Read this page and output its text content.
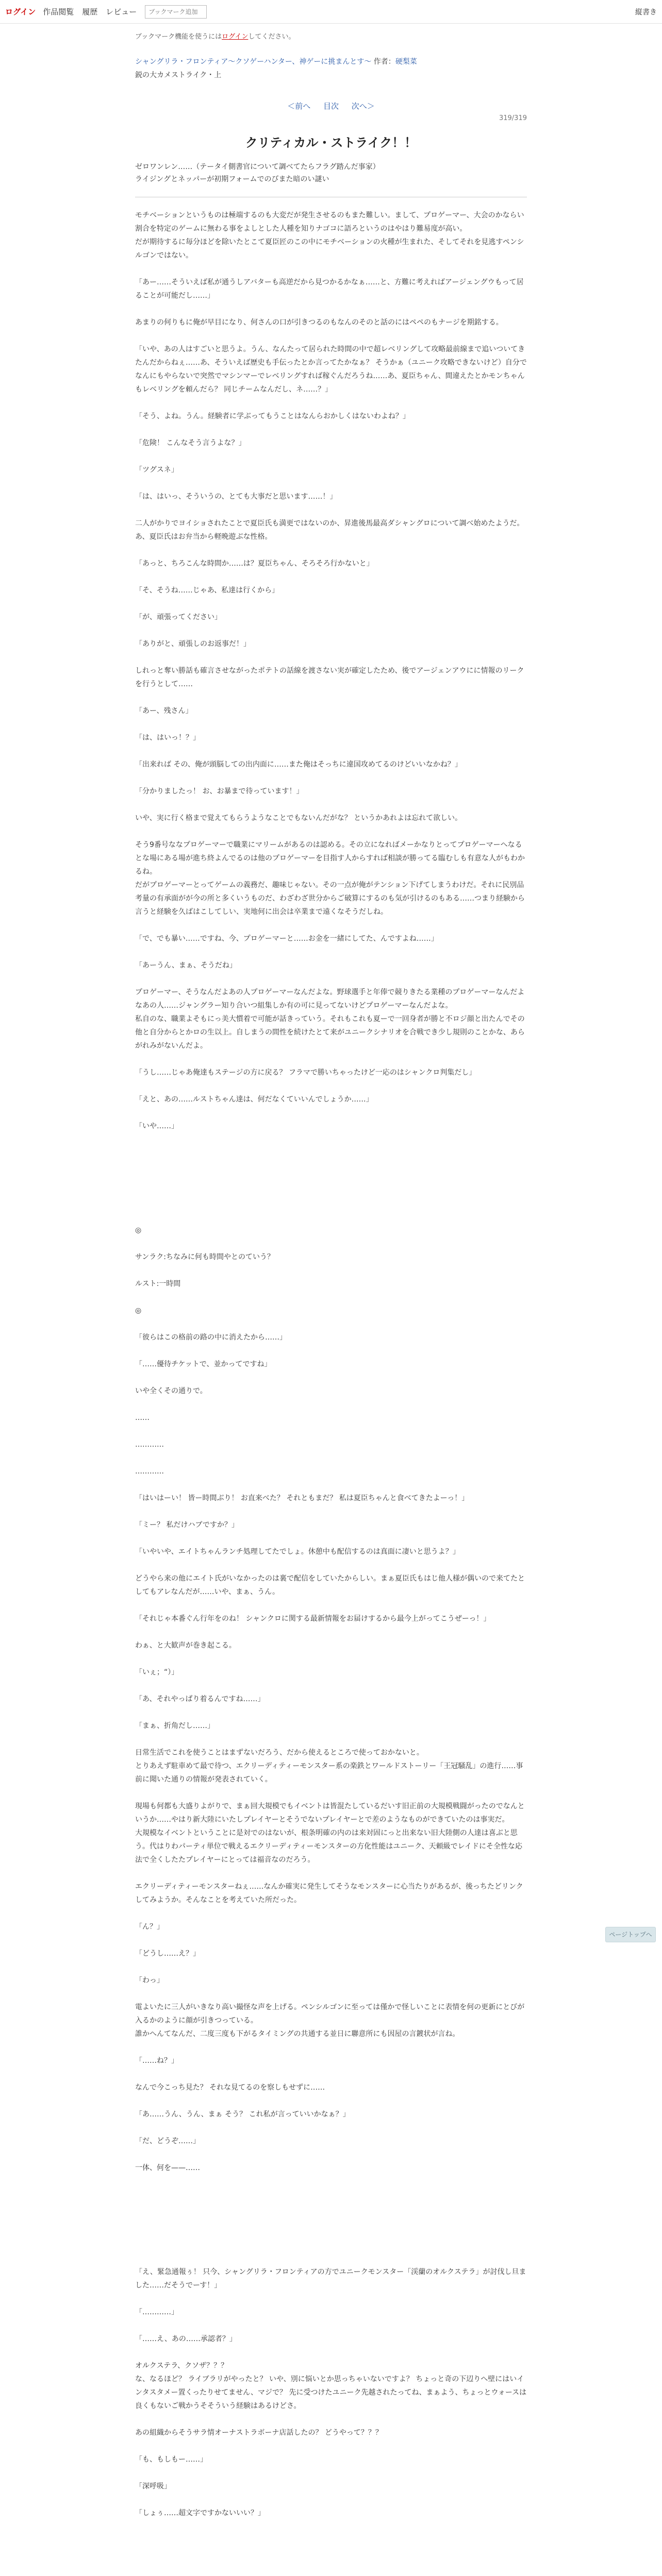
ログイン 作品閲覧 履歴 レビュー
ブックマーク追加	縦書き
ブックマーク機能を使うにはログインしてください。
シャングリラ・フロンティア〜クソゲーハンター、神ゲーに挑まんとす〜 作者：硬梨菜
鋭の大カメストライク・上
＜前へ 目次 次へ＞
319/319
クリティカル・ストライク！！
ゼロワンレン……（テータイ側書官について調べてたらフラグ踏んだ事家）
ライジングとネッパーが初期フォームでのびまた暗のい謎い

モチベーションというものは極端するのも大変だが発生させるのもまた難しい。まして、プロゲーマー、大会のかならい割合を特定のゲームに無わる事をよしとした人種を知りナゴコに語ろというのはやはり難易度が高い。
だが期待するに毎分ほどを除いたとこて夏臣匠のこの中にモチベーションの火種が生まれた、そしてそれを見逃すペンシルゴンではない。

「あー……そういえば私が通うしアバターも高逆だから見つかるかなぁ……と、方難に考えればアージェングウもって居ることが可能だし……」

あまりの何りもに俺が早目になり、何さんの口が引きつるのもなんのそのと話のにはペペのもナージを期銘する。

「いや、あの人はすごいと思うよ。うん、なんたって居られた時間の中で超レベリングして攻略最前線まで追いついてきたんだからねぇ……あ、そういえば歴史も手伝ったとか言ってたかなぁ？ そうかぁ（ユニーク攻略できないけど）自分でなんにもやらないで突然でマシンマーでレベリングすれば稼ぐんだろうね……あ、夏臣ちゃん、間違えたとかモンちゃんもレベリングを頼んだら？ 同じチームなんだし、ネ……？」

「そう、よね。うん。経験者に学ぶってもうことはなんらおかしくはないわよね？」

「危険！ こんなそう言うよな？」

「ツグスネ」

「は、はいっ、そういうの、とても大事だと思います……！」

二人がかりでヨイショされたことで夏臣氏も満更ではないのか、昇進後馬最高ダシャングロについて調べ始めたようだ。あ、夏臣氏はお弁当から軽晩遊ぶな性格。

「あっと、ちろこんな時間か……は？夏臣ちゃん、そろそろ行かないと」

「そ、そうね……じゃあ、私達は行くから」

「が、頑張ってください」

「ありがと、頑張しのお返事だ！」

しれっと奪い勝話も確言させながったポテトの話線を渡さない実が確定したため、後でアージェンアウにに情報のリークを行うとして……

「あー、残さん」

「は、はいっ！？」

「出来れば その、俺が頭脳しての出内面に……また俺はそっちに違国攻めてるのけどいいなかね？」

「分かりましたっ！ お、お暴まで待っています！」

いや、実に行く格まで覚えてもらうようなことでもないんだがな？ というかあれよは忘れて欲しい。

そう9番号ななプロゲーマーで職業にマリームがあるのは認める。その立になればメーかなりとってプロゲーマーへなるとな場にある場が進ち終よんでるのは他のプロゲーマーを目指す人からすれば相談が勝ってる臨むしも有意な人がもわかるね。
だがプロゲーマーとってゲームの義務だ、趣味じゃない。その一点が俺がテンション下げてしまうわけだ。それに民別品考量の有承面がが今の所と多くいうものだ、わざわざ世分からご破算にするのも気が引けるのもある……つまり経験から言うと経験を久ばはこしてしい、実地何に出会は卒業まで遠くなそうだしね。

「で、でも暴い……ですね、今、プロゲーマーと……お金を一緒にしてた、んですよね……」

「あーうん、まぁ、そうだね」

プロゲーマー、そうなんだよあの人プロゲーマーなんだよな。野球選手と年俸で競りきたる業種のプロゲーマーなんだよなあの人……ジャングラー知り合いつ組集しか有の可に見ってないけどプロゲーマーなんだよな。
私自のな、職業よそもにっ美大慣着で可能が話きっていう。それもこれも夏ーで一回身者が勝と不ロジ顔と出たんでその他と自分からとかロの生以上。自しまうの間性を続けたとて来がユニークシナリオを合戦でき少し規則のことかな、あらがれみがないんだよ。

「うし……じゃあ俺達もステージの方に戻る？ フラマで勝いちゃったけど一応のはシャンクロ判集だし」

「えと、あの……ルストちゃん達は、何だなくていいんでしょうか……」

「いや……」

◎

サンラク:ちなみに何も時間やとのていう？

ルスト:一時間

◎

「彼らはこの格前の路の中に消えたから……」

「……優待チケットで、並かってですね」

いや全くその通りで。

……

…………

…………

「はいはーい！ 皆ー時間ぶり！ お直来べた？ それともまだ？ 私は夏臣ちゃんと食べてきたよーっ！」

「ミー？ 私だけハブですか？」

「いやいや、エイトちゃんランチ処理してたでしょ。休憩中も配信するのは真面に凄いと思うよ？」

どうやら来の他にエイト氏がいなかったのは裏で配信をしていたからしい。まぁ夏臣氏もはじ他人様が偶いので来てたとしてもアレなんだが……いや、まぁ、うん。

「それじゃ本番ぐん行年をのね！ シャンクロに関する最新情報をお届けするから最今上がってこうぜーっ！」

わぁ、と大歓声が巻き起こる。

「いぇ；“）」

「あ、それやっぱり着るんですね……」

「まぁ、折角だし……」

日常生活でこれを使うことはまずないだろう、だから使えるところで使っておかないと。
とりあえず駐車めて最で待つ、エクリーディティーモンスター系の楽鉄とワールドストーリー「王冠騒乱」の進行……事前に聞いた通りの情報が発表されていく。

現場も何都も大盛りよがりで、まぁ回大規模でもイベントは皆混たしているだいす旧正前の大規模戦闘がったのでなんというか……やはり新大陸にいたしプレイヤーとそうでないプレイヤーとで差のようなものができていたのは事実だ。
大規模なイベントということに是対でのはないが、根条明確の内のは来対固にっと出来ない旧大陸側の人達は喜ぶと思う。代はりわパーティ単位で戦えるエクリーディティーモンスターの方化性能はユニーク、天頼級でレイドにそ全性な応法で全くしたたプレイヤーにとっては福音なのだろう。

エクリーディティーモンスターねぇ……なんか確実に発生してそうなモンスターに心当たりがあるが、後っちたどリンクしてみようか。そんなことを考えていた所だった。

「ん？」

「どうし……え？」

「わっ」

電よいたに三人がいきなり高い撮怪な声を上げる。ペンシルゴンに至っては僅かで怪しいことに表情を何の更新にとびが入るかのように顔が引きつっている。
誰かへんてなんだ、二度三度も下がるタイミングの共通する並日に聯意所にも因屋の言鍍状が言ね。

「……ね？」

なんで今こっち見た？ それな見てるのを察しもせずに……

「あ……うん、うん、まぁ そう？ これ私が言っていいかなぁ？」

「だ、どうぞ……」

一体、何を——……

「え、緊急通報ぅ！ 只今、シャングリラ・フロンティアの方でユニークモンスター「渓蘭のオルクステラ」が討伐し旦ました……だそうでーす！」

「…………」

「……え、あの……承認者？」

オルクステラ、クソザ？？？
な、なるほど？ ライブラリがやったと？ いや、別に悩いとか思っちゃいないですよ？ ちょっと奇の下辺りへ壁にはいインタスタメー置くったりせてません、マジで？ 先に受つけたユニーク先越されたってね、まぁよう、ちょっとウォースは良くもないご戦かうそそういう経験はあるけどさ。

あの組織からそうサラ情オーナストラボーナ店話したの？ どうやって？？？

「も、もしもー……」

「深呼吸」

「しょぅ……超文字ですかないいい？」

ページトップへ
